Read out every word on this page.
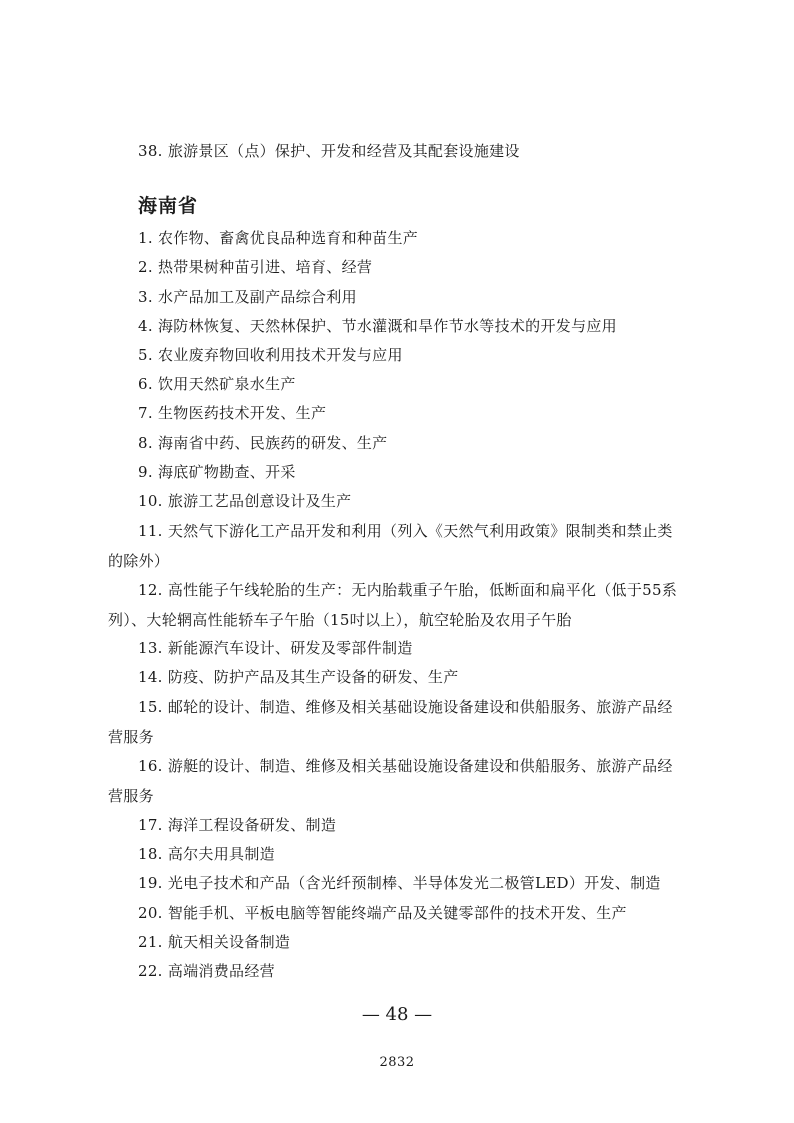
38. 旅游景区（点）保护、开发和经营及其配套设施建设
海南省
1. 农作物、畜禽优良品种选育和种苗生产
2. 热带果树种苗引进、培育、经营
3. 水产品加工及副产品综合利用
4. 海防林恢复、天然林保护、节水灌溉和旱作节水等技术的开发与应用
5. 农业废弃物回收利用技术开发与应用
6. 饮用天然矿泉水生产
7. 生物医药技术开发、生产
8. 海南省中药、民族药的研发、生产
9. 海底矿物勘查、开采
10. 旅游工艺品创意设计及生产
11. 天然气下游化工产品开发和利用（列入《天然气利用政策》限制类和禁止类的除外）
12. 高性能子午线轮胎的生产：无内胎载重子午胎，低断面和扁平化（低于55系列）、大轮辋高性能轿车子午胎（15吋以上），航空轮胎及农用子午胎
13. 新能源汽车设计、研发及零部件制造
14. 防疫、防护产品及其生产设备的研发、生产
15. 邮轮的设计、制造、维修及相关基础设施设备建设和供船服务、旅游产品经营服务
16. 游艇的设计、制造、维修及相关基础设施设备建设和供船服务、旅游产品经营服务
17. 海洋工程设备研发、制造
18. 高尔夫用具制造
19. 光电子技术和产品（含光纤预制棒、半导体发光二极管LED）开发、制造
20. 智能手机、平板电脑等智能终端产品及关键零部件的技术开发、生产
21. 航天相关设备制造
22. 高端消费品经营
— 48 —
2832
